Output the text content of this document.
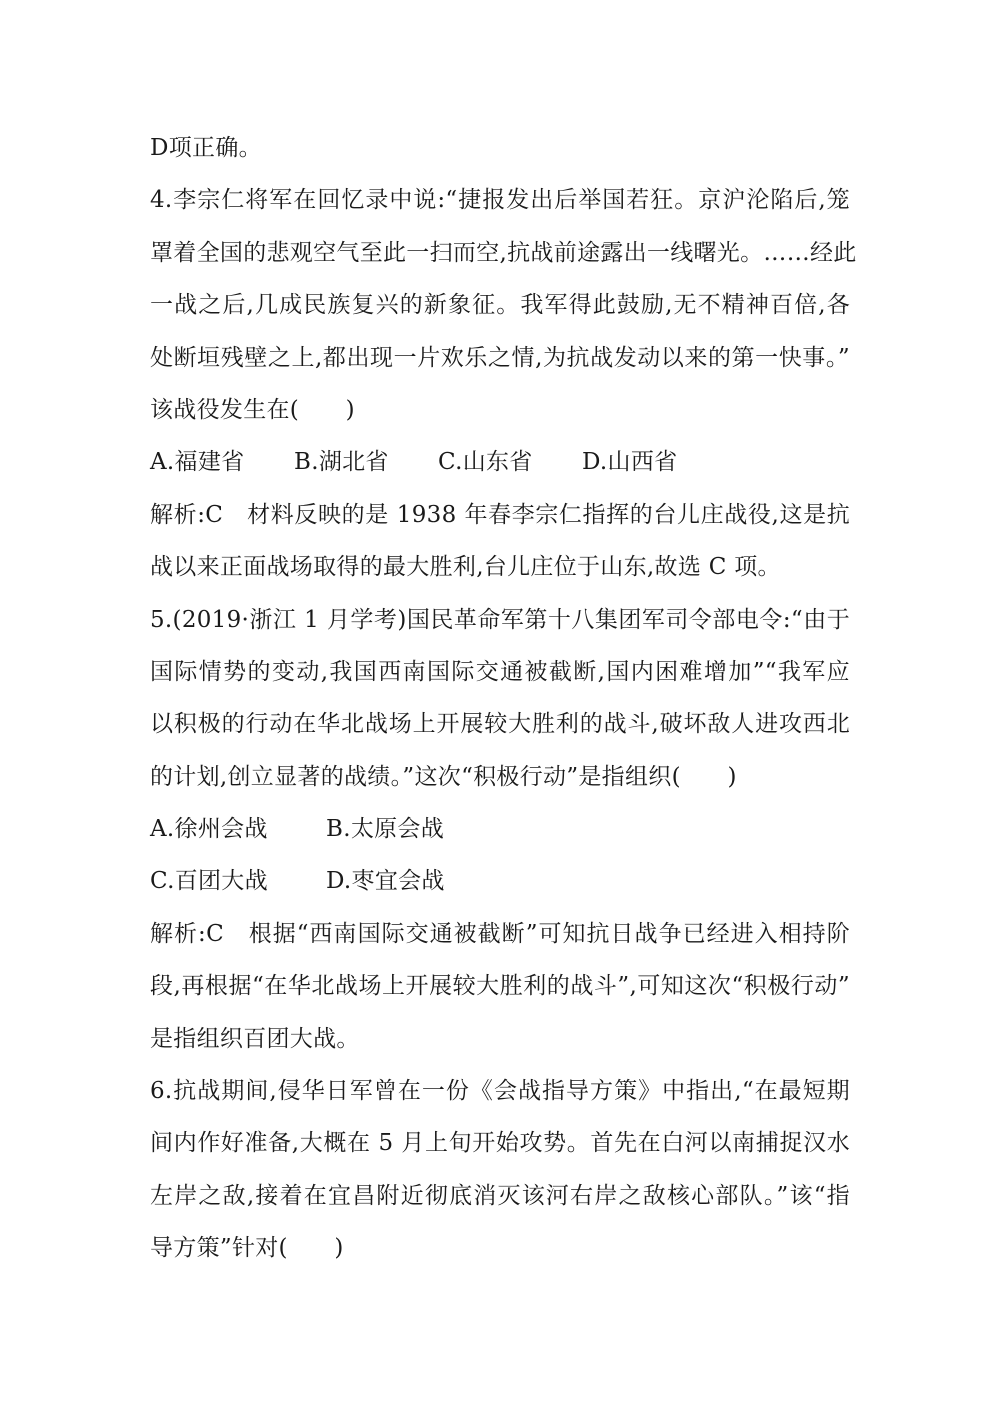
D项正确。
4.李宗仁将军在回忆录中说:“捷报发出后举国若狂。京沪沦陷后,笼
罩着全国的悲观空气至此一扫而空,抗战前途露出一线曙光。……经此
一战之后,几成民族复兴的新象征。我军得此鼓励,无不精神百倍,各
处断垣残壁之上,都出现一片欢乐之情,为抗战发动以来的第一快事。”
该战役发生在(　　)
A.福建省	B.湖北省	C.山东省	D.山西省
解析:C　材料反映的是 1938 年春李宗仁指挥的台儿庄战役,这是抗
战以来正面战场取得的最大胜利,台儿庄位于山东,故选 C 项。
5.(2019·浙江 1 月学考)国民革命军第十八集团军司令部电令:“由于
国际情势的变动,我国西南国际交通被截断,国内困难增加”“我军应
以积极的行动在华北战场上开展较大胜利的战斗,破坏敌人进攻西北
的计划,创立显著的战绩。”这次“积极行动”是指组织(　　)
A.徐州会战	B.太原会战
C.百团大战	D.枣宜会战
解析:C　根据“西南国际交通被截断”可知抗日战争已经进入相持阶
段,再根据“在华北战场上开展较大胜利的战斗”,可知这次“积极行动”
是指组织百团大战。
6.抗战期间,侵华日军曾在一份《会战指导方策》中指出,“在最短期
间内作好准备,大概在 5 月上旬开始攻势。首先在白河以南捕捉汉水
左岸之敌,接着在宜昌附近彻底消灭该河右岸之敌核心部队。”该“指
导方策”针对(　　)
